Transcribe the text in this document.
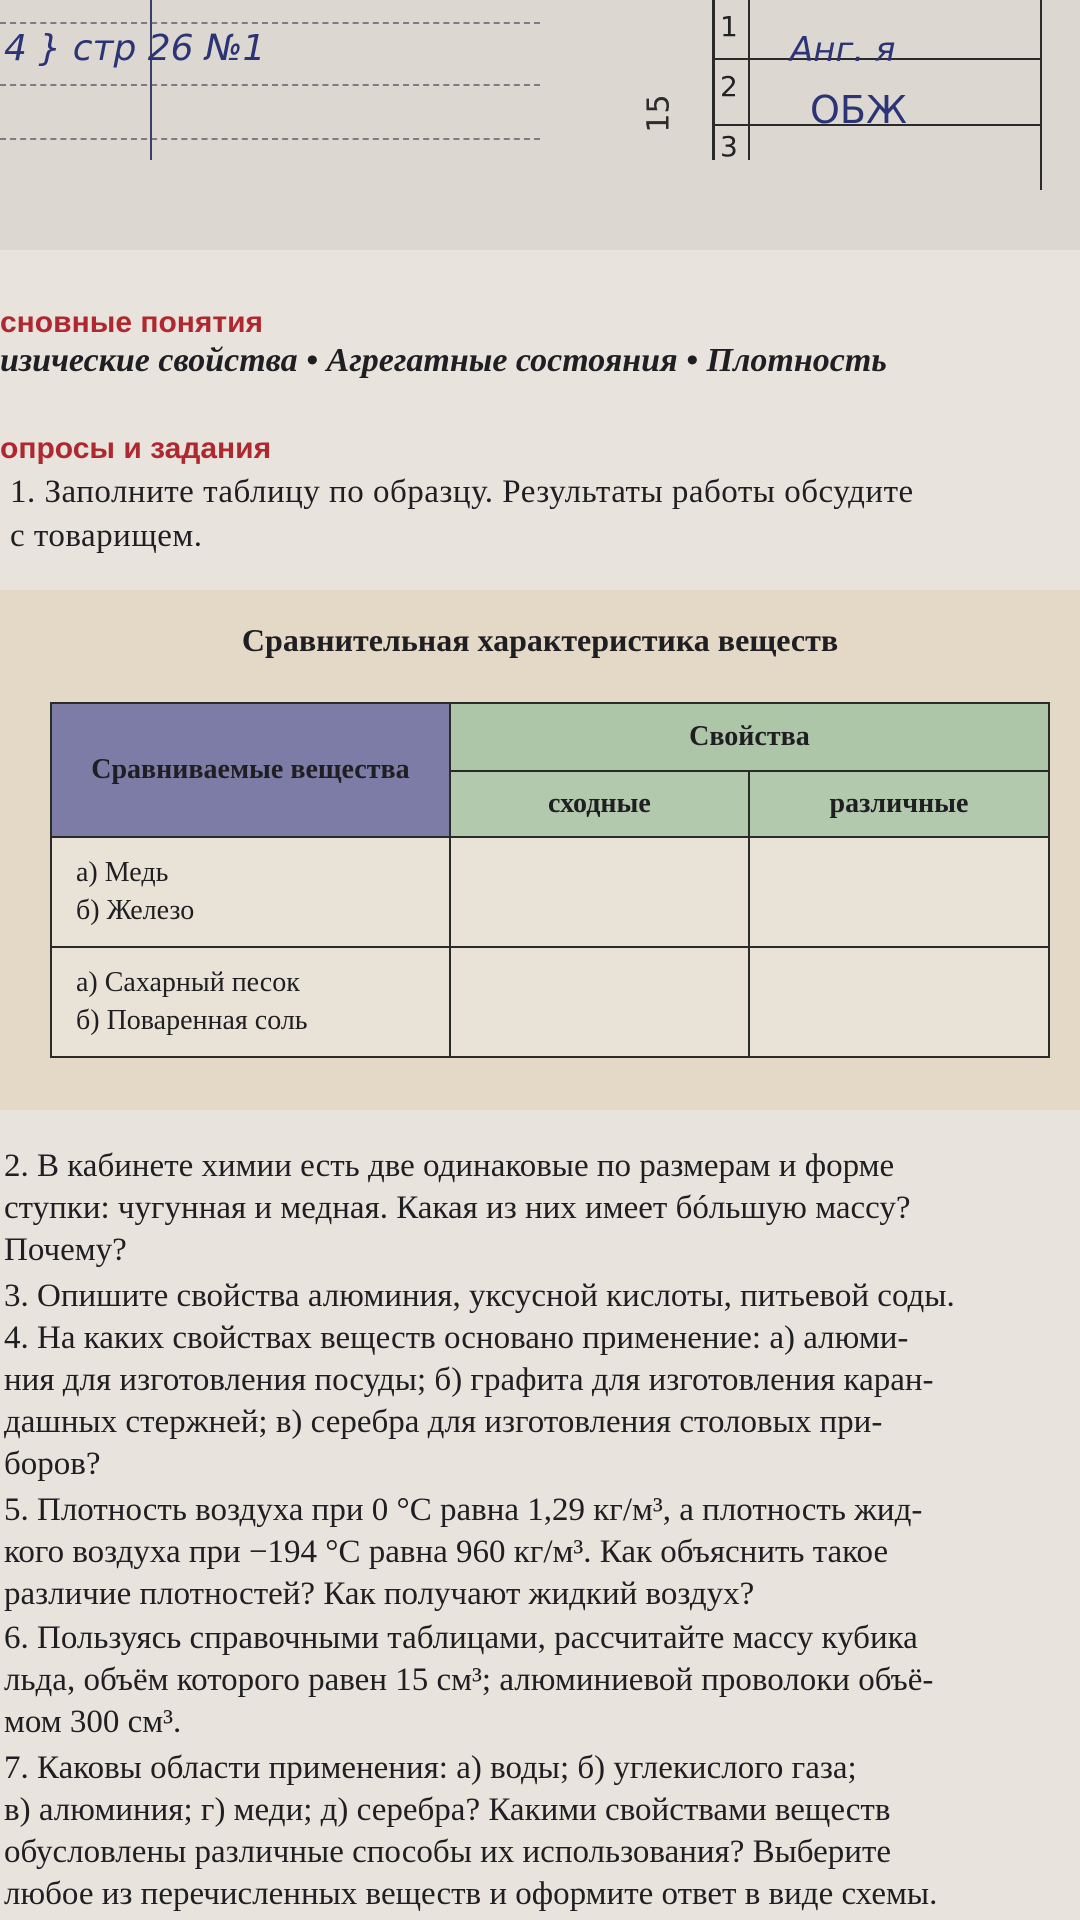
4 } стр 26 №1
15
1
2
3
Анг. я
ОБЖ
сновные понятия
изические свойства • Агрегатные состояния • Плотность
опросы и задания
1. Заполните таблицу по образцу. Результаты работы обсудите
с товарищем.
Сравнительная характеристика веществ
Сравниваемые вещества	Свойства	
	сходные	различные

а) Медь
б) Железо		

а) Сахарный песок
б) Поваренная соль		

2. В кабинете химии есть две одинаковые по размерам и форме
ступки: чугунная и медная. Какая из них имеет бóльшую массу?
Почему?
3. Опишите свойства алюминия, уксусной кислоты, питьевой соды.
4. На каких свойствах веществ основано применение: а) алюми-
ния для изготовления посуды; б) графита для изготовления каран-
дашных стержней; в) серебра для изготовления столовых при-
боров?
5. Плотность воздуха при 0 °С равна 1,29 кг/м³, а плотность жид-
кого воздуха при −194 °С равна 960 кг/м³. Как объяснить такое
различие плотностей? Как получают жидкий воздух?
6. Пользуясь справочными таблицами, рассчитайте массу кубика
льда, объём которого равен 15 см³; алюминиевой проволоки объё-
мом 300 см³.
7. Каковы области применения: а) воды; б) углекислого газа;
в) алюминия; г) меди; д) серебра? Какими свойствами веществ
обусловлены различные способы их использования? Выберите
любое из перечисленных веществ и оформите ответ в виде схемы.
